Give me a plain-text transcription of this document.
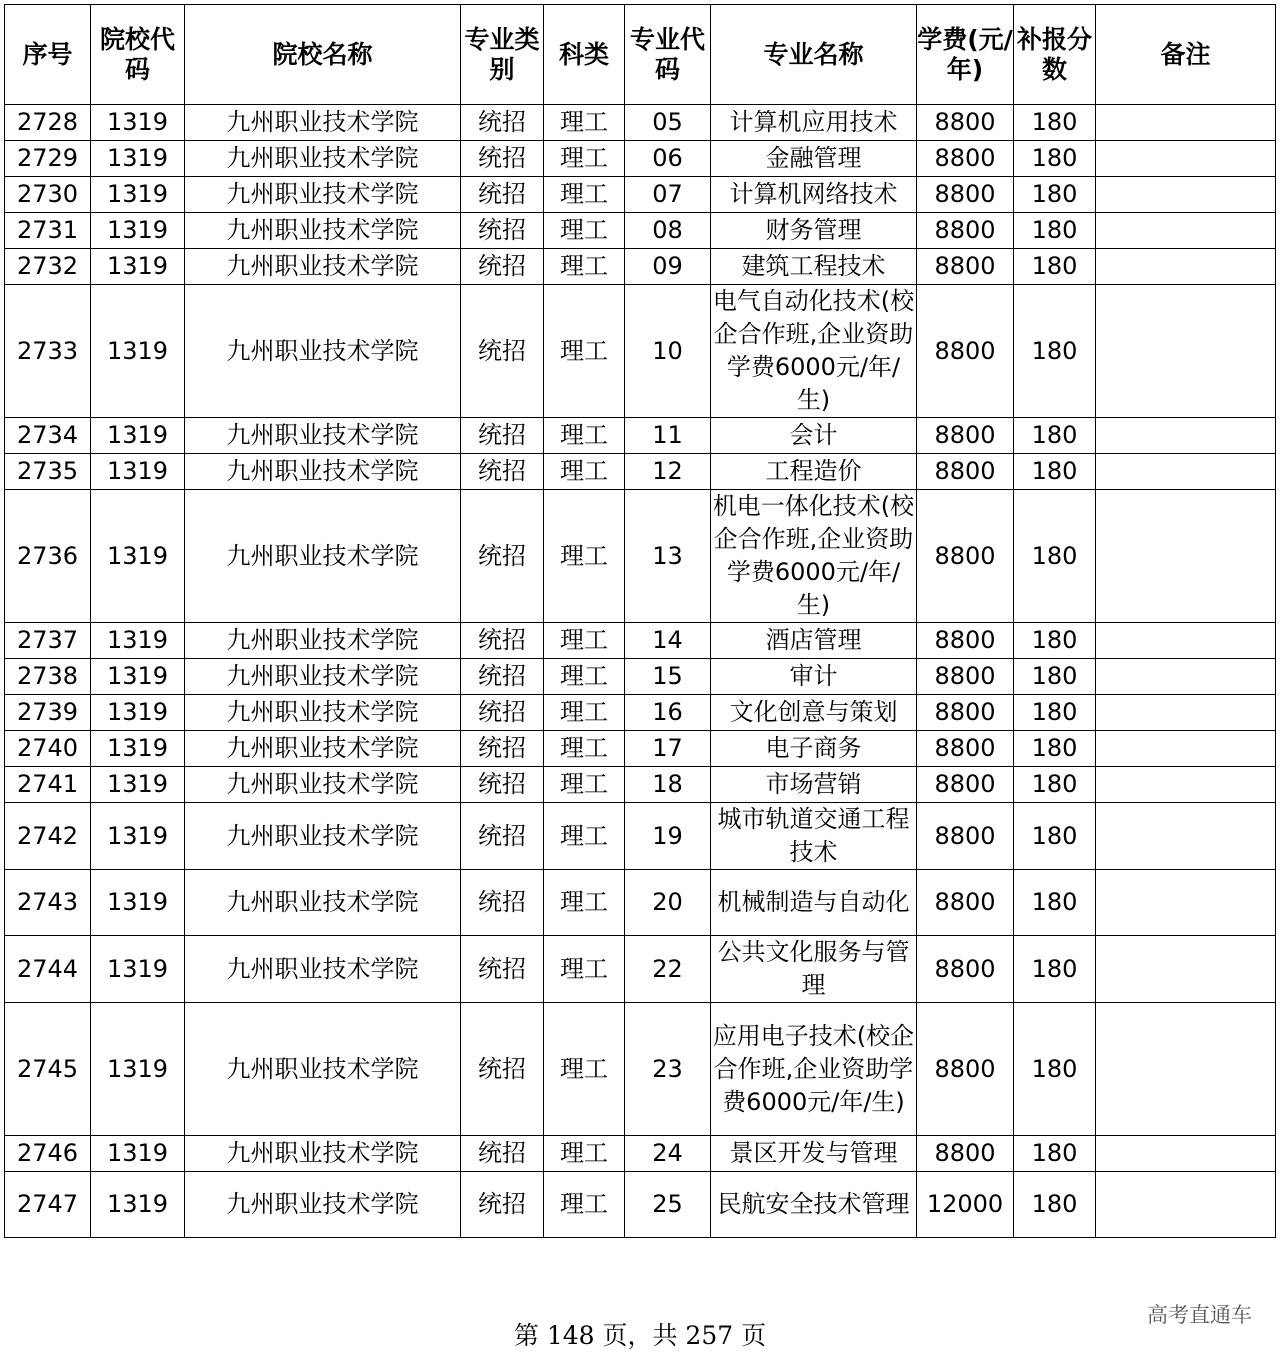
序号	院校代码	院校名称	专业类别	科类	专业代码	专业名称	学费(元/年)	补报分数	备注
2728	1319	九州职业技术学院	统招	理工	05	计算机应用技术	8800	180	
2729	1319	九州职业技术学院	统招	理工	06	金融管理	8800	180	
2730	1319	九州职业技术学院	统招	理工	07	计算机网络技术	8800	180	
2731	1319	九州职业技术学院	统招	理工	08	财务管理	8800	180	
2732	1319	九州职业技术学院	统招	理工	09	建筑工程技术	8800	180	
2733	1319	九州职业技术学院	统招	理工	10	电气自动化技术(校企合作班,企业资助学费6000元/年/生)	8800	180	
2734	1319	九州职业技术学院	统招	理工	11	会计	8800	180	
2735	1319	九州职业技术学院	统招	理工	12	工程造价	8800	180	
2736	1319	九州职业技术学院	统招	理工	13	机电一体化技术(校企合作班,企业资助学费6000元/年/生)	8800	180	
2737	1319	九州职业技术学院	统招	理工	14	酒店管理	8800	180	
2738	1319	九州职业技术学院	统招	理工	15	审计	8800	180	
2739	1319	九州职业技术学院	统招	理工	16	文化创意与策划	8800	180	
2740	1319	九州职业技术学院	统招	理工	17	电子商务	8800	180	
2741	1319	九州职业技术学院	统招	理工	18	市场营销	8800	180	
2742	1319	九州职业技术学院	统招	理工	19	城市轨道交通工程技术	8800	180	
2743	1319	九州职业技术学院	统招	理工	20	机械制造与自动化	8800	180	
2744	1319	九州职业技术学院	统招	理工	22	公共文化服务与管理	8800	180	
2745	1319	九州职业技术学院	统招	理工	23	应用电子技术(校企合作班,企业资助学费6000元/年/生)	8800	180	
2746	1319	九州职业技术学院	统招	理工	24	景区开发与管理	8800	180	
2747	1319	九州职业技术学院	统招	理工	25	民航安全技术管理	12000	180	
第 148 页，共 257 页
高考直通车
